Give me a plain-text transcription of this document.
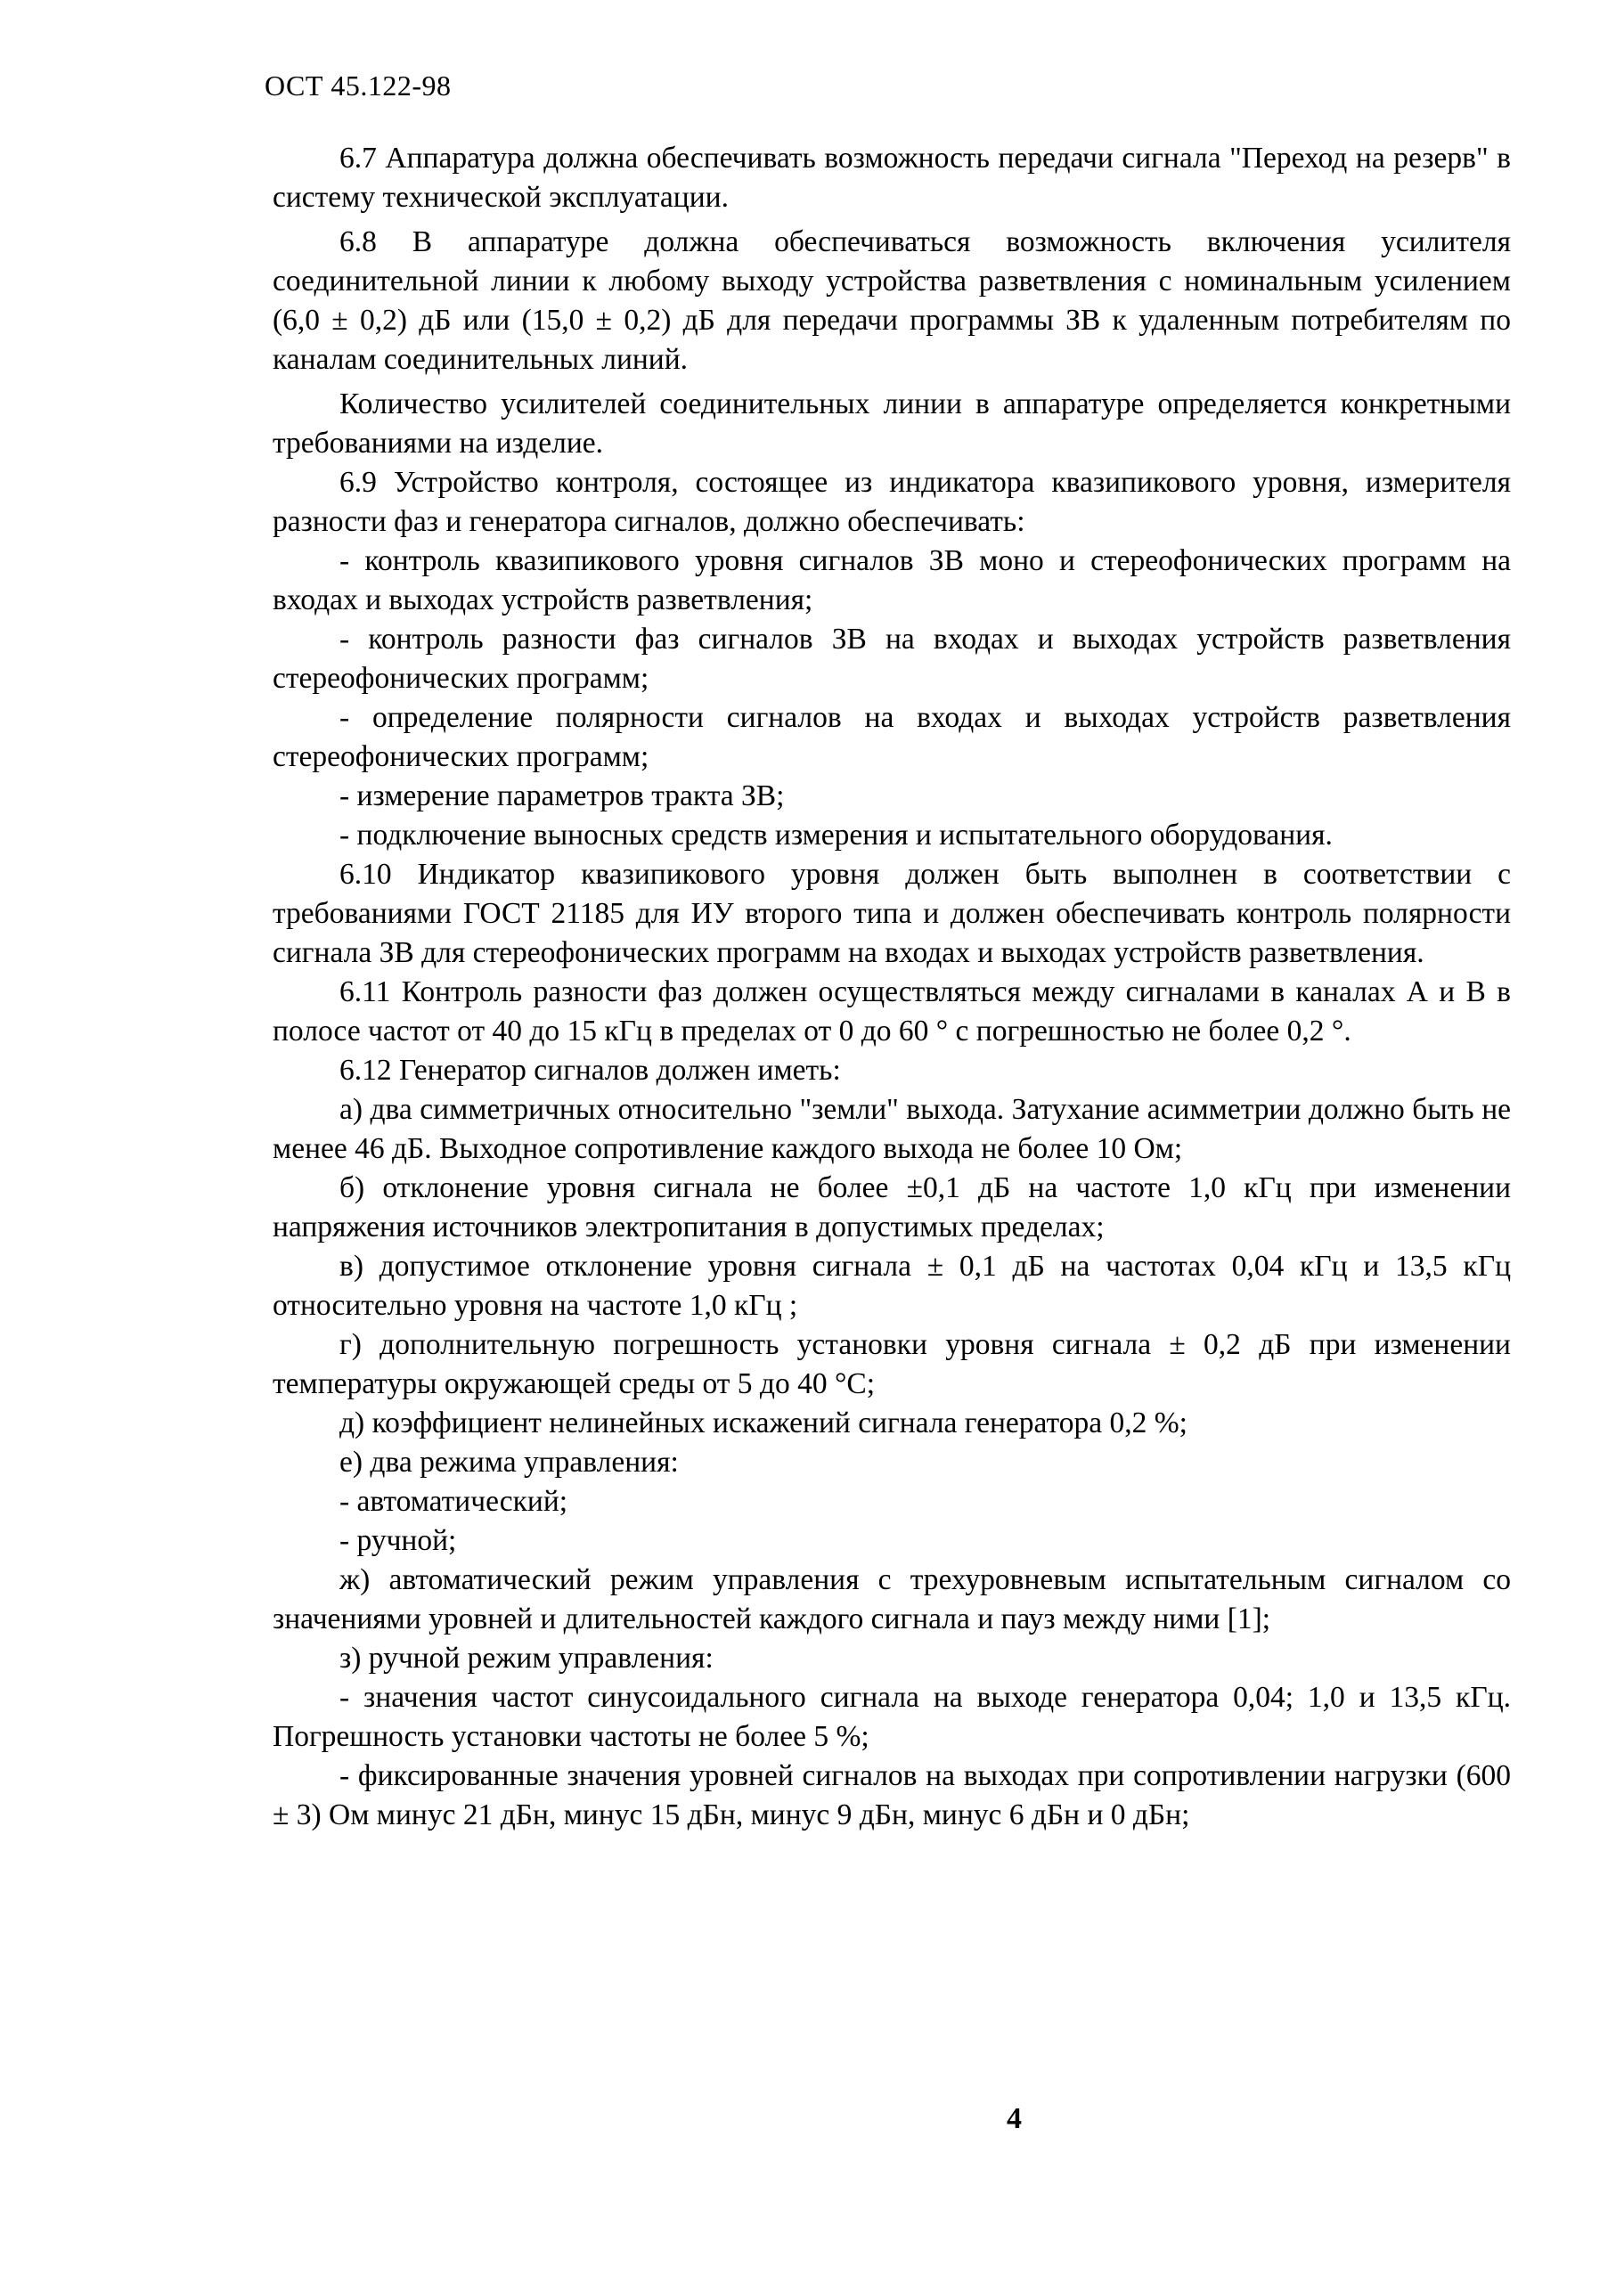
ОСТ 45.122-98

6.7 Аппаратура должна обеспечивать возможность передачи сигнала "Переход на резерв" в систему технической эксплуатации.

6.8 В аппаратуре должна обеспечиваться возможность включения усилителя соединительной линии к любому выходу устройства разветвления с номинальным усилением (6,0 ± 0,2) дБ или (15,0 ± 0,2) дБ для передачи программы ЗВ к удаленным потребителям по каналам соединительных линий.

Количество усилителей соединительных линии в аппаратуре определяется конкретными требованиями на изделие.

6.9 Устройство контроля, состоящее из индикатора квазипикового уровня, измерителя разности фаз и генератора сигналов, должно обеспечивать:

- контроль квазипикового уровня сигналов ЗВ моно и стереофонических программ на входах и выходах устройств разветвления;

- контроль разности фаз сигналов ЗВ на входах и выходах устройств разветвления стереофонических программ;

- определение полярности сигналов на входах и выходах устройств разветвления стереофонических программ;

- измерение параметров тракта ЗВ;

- подключение выносных средств измерения и испытательного оборудования.

6.10 Индикатор квазипикового уровня должен быть выполнен в соответствии с требованиями ГОСТ 21185 для ИУ второго типа и должен обеспечивать контроль полярности сигнала ЗВ для стереофонических программ на входах и выходах устройств разветвления.

6.11 Контроль разности фаз должен осуществляться между сигналами в каналах А и В в полосе частот от 40 до 15 кГц в пределах от 0 до 60 ° с погрешностью не более 0,2 °.

6.12 Генератор сигналов должен иметь:

а) два симметричных относительно "земли" выхода. Затухание асимметрии должно быть не менее 46 дБ. Выходное сопротивление каждого выхода не более 10 Ом;

б) отклонение уровня сигнала не более ±0,1 дБ на частоте 1,0 кГц при изменении напряжения источников электропитания в допустимых пределах;

в) допустимое отклонение уровня сигнала ± 0,1 дБ на частотах 0,04 кГц и 13,5 кГц относительно уровня на частоте 1,0 кГц ;

г) дополнительную погрешность установки уровня сигнала ± 0,2 дБ при изменении температуры окружающей среды от 5 до 40 °С;

д) коэффициент нелинейных искажений сигнала генератора 0,2 %;

е) два режима управления:

- автоматический;

- ручной;

ж) автоматический режим управления с трехуровневым испытательным сигналом со значениями уровней и длительностей каждого сигнала и пауз между ними [1];

з) ручной режим управления:

- значения частот синусоидального сигнала на выходе генератора 0,04; 1,0 и 13,5 кГц. Погрешность установки частоты не более 5 %;

- фиксированные значения уровней сигналов на выходах при сопротивлении нагрузки (600 ± 3) Ом минус 21 дБн, минус 15 дБн, минус 9 дБн, минус 6 дБн и 0 дБн;

4
